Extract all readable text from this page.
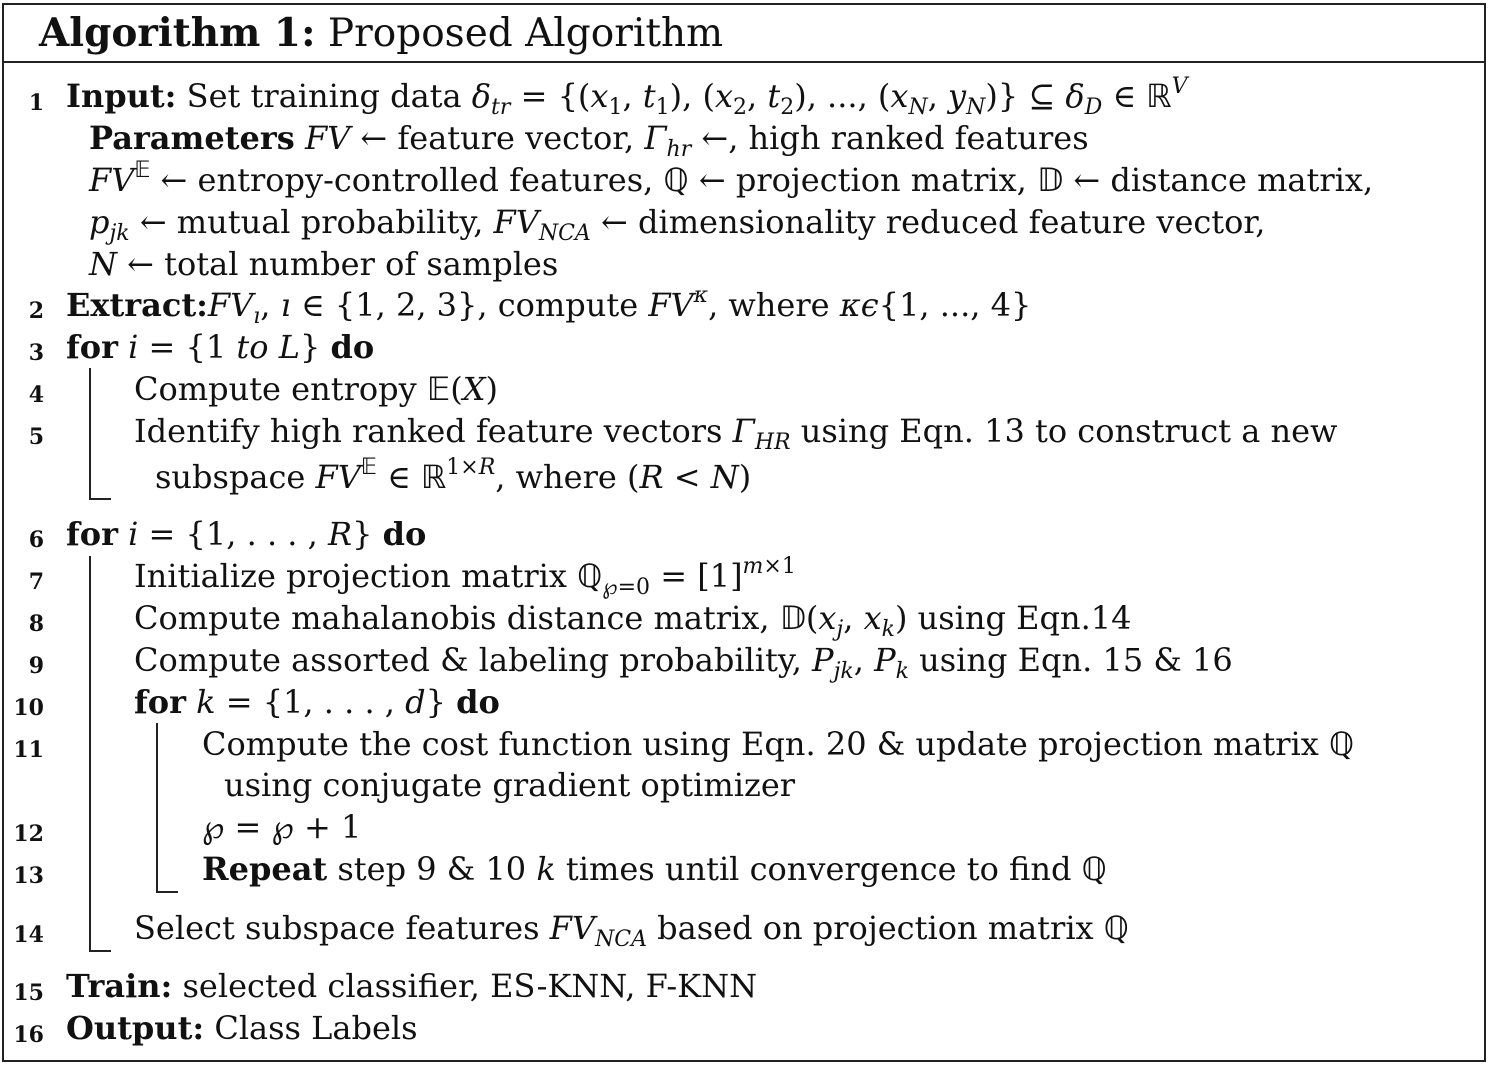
Algorithm 1: Proposed Algorithm
1
2
3
4
5
6
7
8
9
10
11
12
13
14
15
16
Input: Set training data $\delta_{tr} = \{(x_1$, $t_1$), ($x_2$, $t_2$), ..., ($x_N$, $y_N$)} ⊆ $\delta_D$ ∈ ℝ$^V$
Parameters FV ← feature vector, $\Gamma_{hr}$ ←, high ranked features
$FV^𝔼$ ← entropy-controlled features, ℚ ← projection matrix, 𝔻 ← distance matrix,
$p_{jk}$ ← mutual probability, $FV_{NCA}$ ← dimensionality reduced feature vector,
N ← total number of samples
$Extract:FV_ı$, ı ∈ {1, 2, 3}, compute $FV^\kappa$, where κϵ{1, ..., 4}
for i = {1 to L} do
Compute entropy 𝔼(X)
Identify high ranked feature vectors $\Gamma_{HR}$ using Eqn. 13 to construct a new
subspace $FV^𝔼$ ∈ ℝ$^{1\times R}$, where (R < N)
for i = {1, . . . , R} do
Initialize projection matrix ℚ$_{℘=0}$ = $[1]^{m\times 1}$
Compute mahalanobis distance matrix, $𝔻(x_j$, $x_k$) using Eqn.14
Compute assorted & labeling probability, $P_{jk}$, $P_k$ using Eqn. 15 & 16
for k = {1, . . . , d} do
Compute the cost function using Eqn. 20 & update projection matrix ℚ
using conjugate gradient optimizer
℘ = ℘ + 1
Repeat step 9 & 10 k times until convergence to find ℚ
Select subspace features $FV_{NCA}$ based on projection matrix ℚ
Train: selected classifier, ES-KNN, F-KNN
Output: Class Labels
